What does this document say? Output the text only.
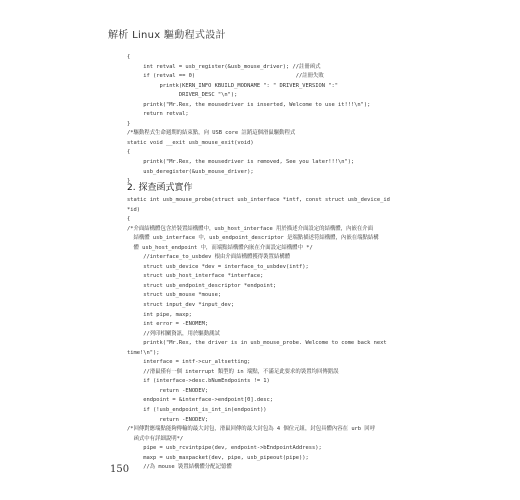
解析 Linux 驅動程式設計
{
int retval = usb_register(&usb_mouse_driver); //註冊函式
if (retval == 0)                               //註冊失敗
printk(KERN_INFO KBUILD_MODNAME ": " DRIVER_VERSION ":"
DRIVER_DESC "\n");
printk("Mr.Rex, the mousedriver is inserted, Welcome to use it!!!\n");
return retval;
}
/*驅動程式生命週期的結束點，向 USB core 註銷這個滑鼠驅動程式
static void __exit usb_mouse_exit(void)
{
printk("Mr.Rex, the mousedriver is removed, See you later!!!\n");
usb_deregister(&usb_mouse_driver);
}
2. 探查函式實作
static int usb_mouse_probe(struct usb_interface *intf, const struct usb_device_id
*id)
{
/*介面結構體包含於裝置結構體中，usb_host_interface 用於描述介面設定的結構體，內嵌在介面
結構體 usb_interface 中，usb_endpoint_descriptor 是端點描述符結構體，內嵌在端點結構
體 usb_host_endpoint 中，而端點結構體內嵌在介面設定結構體中 */
//interface_to_usbdev 根由介面結構體獲得裝置結構體
struct usb_device *dev = interface_to_usbdev(intf);
struct usb_host_interface *interface;
struct usb_endpoint_descriptor *endpoint;
struct usb_mouse *mouse;
struct input_dev *input_dev;
int pipe, maxp;
int error = -ENOMEM;
//列印相關資訊，用於驅動測試
printk("Mr.Rex, the driver is in usb_mouse_probe. Welcome to come back next
time!\n");
interface = intf->cur_altsetting;
//滑鼠僅有一個 interrupt 類型的 in 端點，不滿足此要求的裝置均回傳錯誤
if (interface->desc.bNumEndpoints != 1)
return -ENODEV;
endpoint = &interface->endpoint[0].desc;
if (!usb_endpoint_is_int_in(endpoint))
return -ENODEV;
/*回傳對應端點能夠傳輸的最大封包，滑鼠回傳的最大封包為 4 個位元組，封包具體內容在 urb 回呼
函式中有詳細說明*/
pipe = usb_rcvintpipe(dev, endpoint->bEndpointAddress);
maxp = usb_maxpacket(dev, pipe, usb_pipeout(pipe));
//為 mouse 裝置結構體分配記憶體
150
